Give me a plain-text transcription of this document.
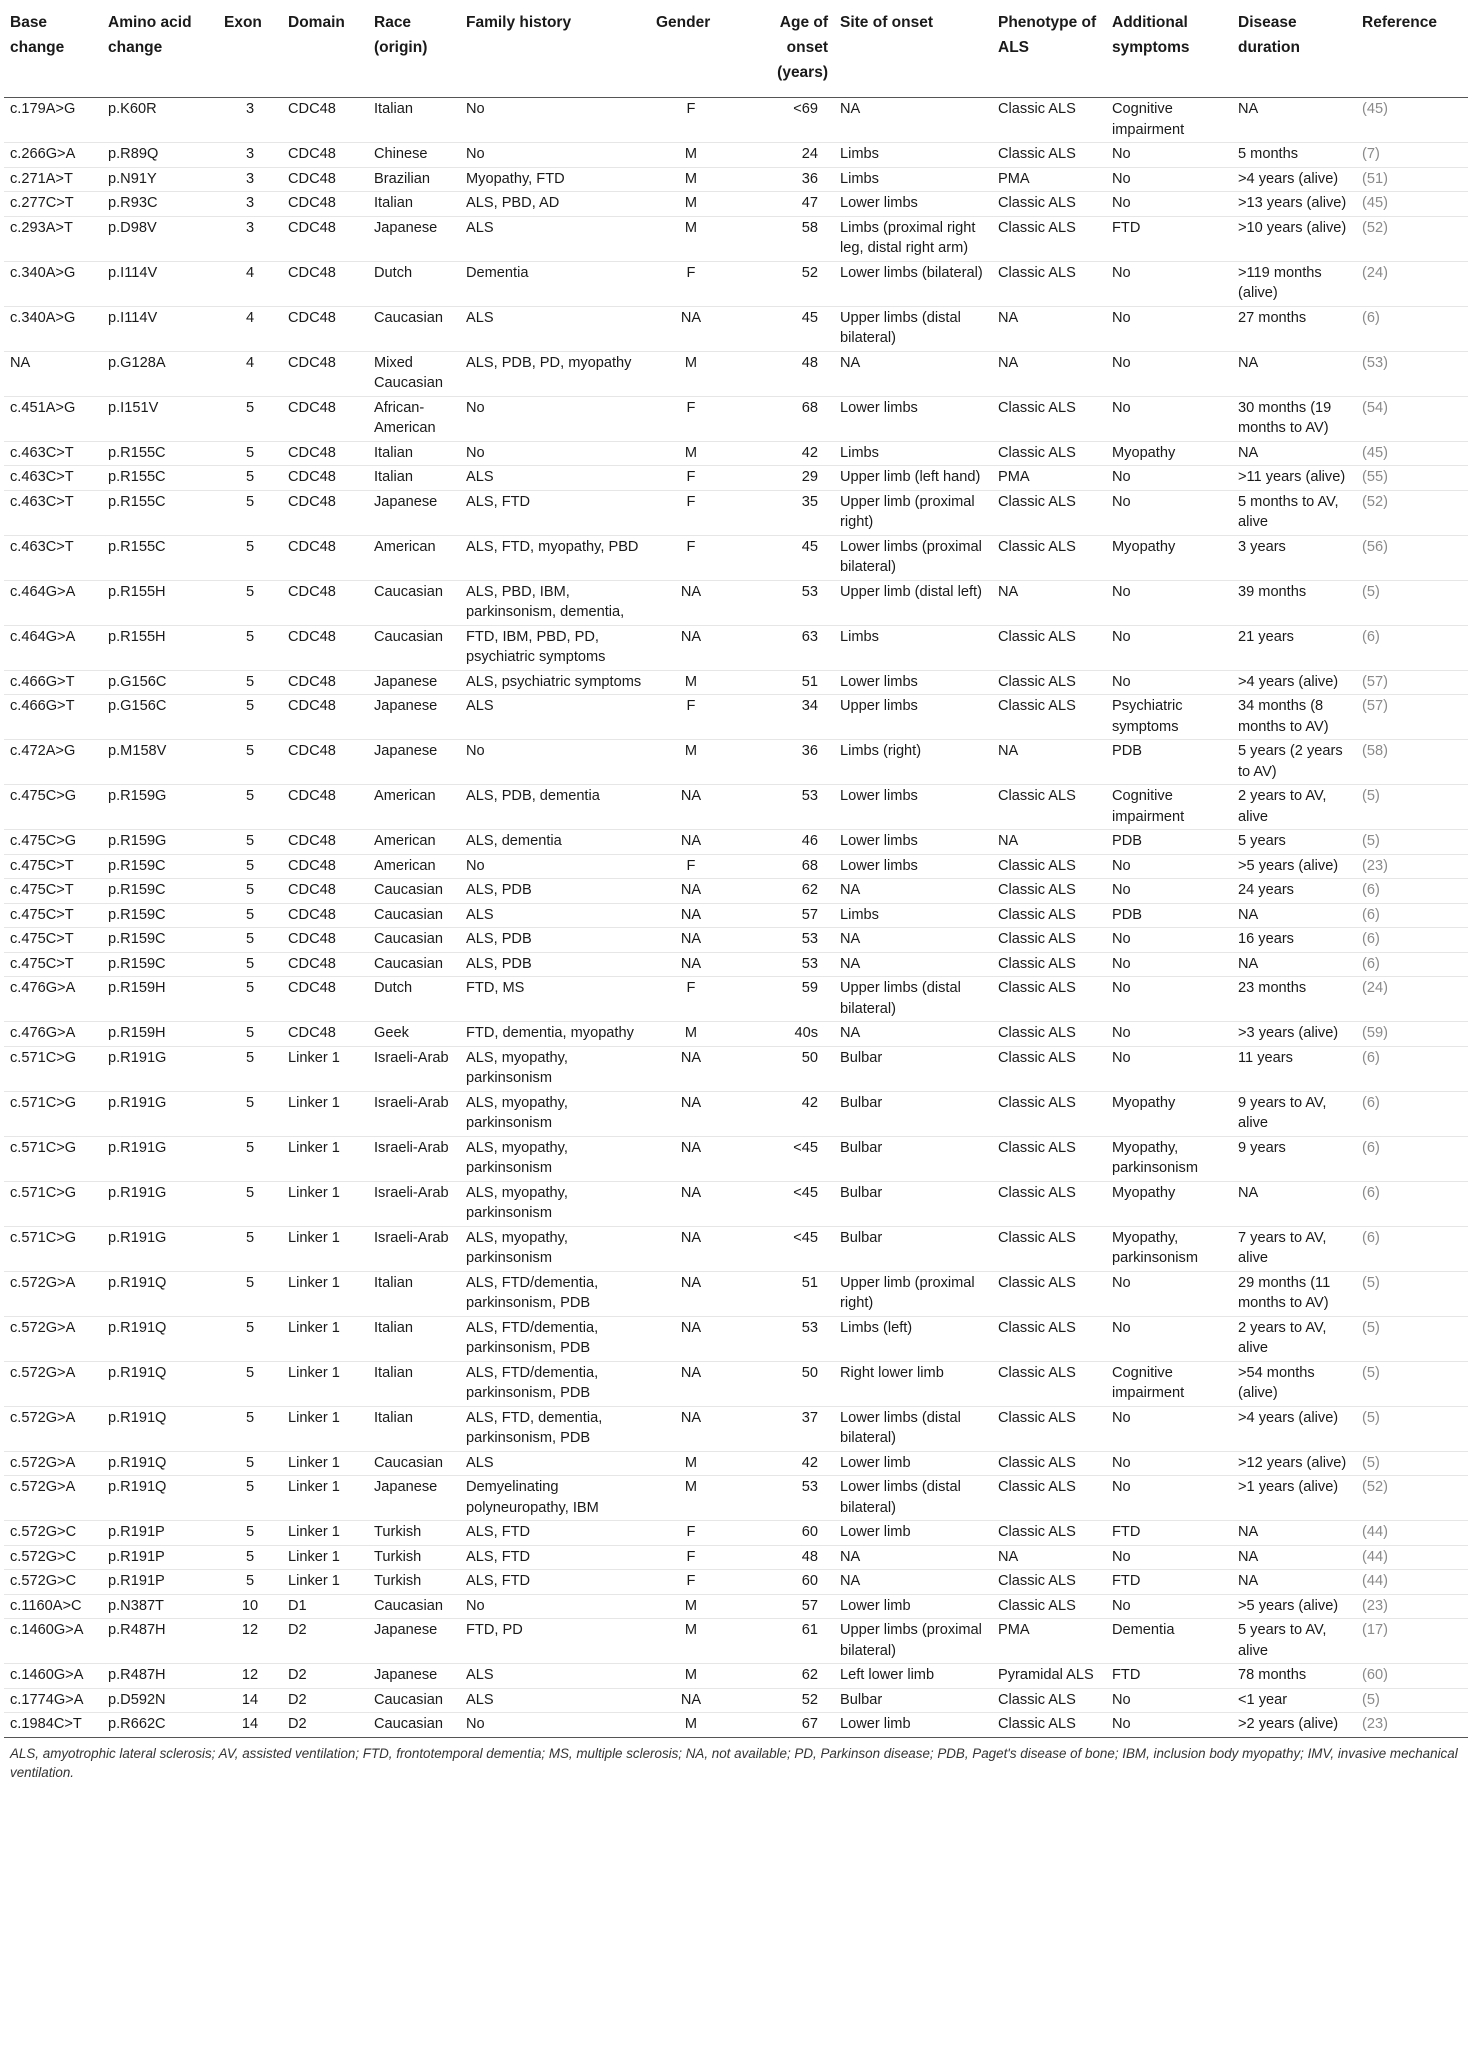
Base change	Amino acid change	Exon	Domain	Race (origin)	Family history	Gender	Age of onset (years)	Site of onset	Phenotype of ALS	Additional symptoms	Disease duration	Reference
c.179A>G	p.K60R	3	CDC48	Italian	No	F	<69	NA	Classic ALS	Cognitive impairment	NA	(45)
c.266G>A	p.R89Q	3	CDC48	Chinese	No	M	24	Limbs	Classic ALS	No	5 months	(7)
c.271A>T	p.N91Y	3	CDC48	Brazilian	Myopathy, FTD	M	36	Limbs	PMA	No	>4 years (alive)	(51)
c.277C>T	p.R93C	3	CDC48	Italian	ALS, PBD, AD	M	47	Lower limbs	Classic ALS	No	>13 years (alive)	(45)
c.293A>T	p.D98V	3	CDC48	Japanese	ALS	M	58	Limbs (proximal right leg, distal right arm)	Classic ALS	FTD	>10 years (alive)	(52)
c.340A>G	p.I114V	4	CDC48	Dutch	Dementia	F	52	Lower limbs (bilateral)	Classic ALS	No	>119 months (alive)	(24)
c.340A>G	p.I114V	4	CDC48	Caucasian	ALS	NA	45	Upper limbs (distal bilateral)	NA	No	27 months	(6)
NA	p.G128A	4	CDC48	Mixed Caucasian	ALS, PDB, PD, myopathy	M	48	NA	NA	No	NA	(53)
c.451A>G	p.I151V	5	CDC48	African-American	No	F	68	Lower limbs	Classic ALS	No	30 months (19 months to AV)	(54)
c.463C>T	p.R155C	5	CDC48	Italian	No	M	42	Limbs	Classic ALS	Myopathy	NA	(45)
c.463C>T	p.R155C	5	CDC48	Italian	ALS	F	29	Upper limb (left hand)	PMA	No	>11 years (alive)	(55)
c.463C>T	p.R155C	5	CDC48	Japanese	ALS, FTD	F	35	Upper limb (proximal right)	Classic ALS	No	5 months to AV, alive	(52)
c.463C>T	p.R155C	5	CDC48	American	ALS, FTD, myopathy, PBD	F	45	Lower limbs (proximal bilateral)	Classic ALS	Myopathy	3 years	(56)
c.464G>A	p.R155H	5	CDC48	Caucasian	ALS, PBD, IBM, parkinsonism, dementia,	NA	53	Upper limb (distal left)	NA	No	39 months	(5)
c.464G>A	p.R155H	5	CDC48	Caucasian	FTD, IBM, PBD, PD, psychiatric symptoms	NA	63	Limbs	Classic ALS	No	21 years	(6)
c.466G>T	p.G156C	5	CDC48	Japanese	ALS, psychiatric symptoms	M	51	Lower limbs	Classic ALS	No	>4 years (alive)	(57)
c.466G>T	p.G156C	5	CDC48	Japanese	ALS	F	34	Upper limbs	Classic ALS	Psychiatric symptoms	34 months (8 months to AV)	(57)
c.472A>G	p.M158V	5	CDC48	Japanese	No	M	36	Limbs (right)	NA	PDB	5 years (2 years to AV)	(58)
c.475C>G	p.R159G	5	CDC48	American	ALS, PDB, dementia	NA	53	Lower limbs	Classic ALS	Cognitive impairment	2 years to AV, alive	(5)
c.475C>G	p.R159G	5	CDC48	American	ALS, dementia	NA	46	Lower limbs	NA	PDB	5 years	(5)
c.475C>T	p.R159C	5	CDC48	American	No	F	68	Lower limbs	Classic ALS	No	>5 years (alive)	(23)
c.475C>T	p.R159C	5	CDC48	Caucasian	ALS, PDB	NA	62	NA	Classic ALS	No	24 years	(6)
c.475C>T	p.R159C	5	CDC48	Caucasian	ALS	NA	57	Limbs	Classic ALS	PDB	NA	(6)
c.475C>T	p.R159C	5	CDC48	Caucasian	ALS, PDB	NA	53	NA	Classic ALS	No	16 years	(6)
c.475C>T	p.R159C	5	CDC48	Caucasian	ALS, PDB	NA	53	NA	Classic ALS	No	NA	(6)
c.476G>A	p.R159H	5	CDC48	Dutch	FTD, MS	F	59	Upper limbs (distal bilateral)	Classic ALS	No	23 months	(24)
c.476G>A	p.R159H	5	CDC48	Geek	FTD, dementia, myopathy	M	40s	NA	Classic ALS	No	>3 years (alive)	(59)
c.571C>G	p.R191G	5	Linker 1	Israeli-Arab	ALS, myopathy, parkinsonism	NA	50	Bulbar	Classic ALS	No	11 years	(6)
c.571C>G	p.R191G	5	Linker 1	Israeli-Arab	ALS, myopathy, parkinsonism	NA	42	Bulbar	Classic ALS	Myopathy	9 years to AV, alive	(6)
c.571C>G	p.R191G	5	Linker 1	Israeli-Arab	ALS, myopathy, parkinsonism	NA	<45	Bulbar	Classic ALS	Myopathy, parkinsonism	9 years	(6)
c.571C>G	p.R191G	5	Linker 1	Israeli-Arab	ALS, myopathy, parkinsonism	NA	<45	Bulbar	Classic ALS	Myopathy	NA	(6)
c.571C>G	p.R191G	5	Linker 1	Israeli-Arab	ALS, myopathy, parkinsonism	NA	<45	Bulbar	Classic ALS	Myopathy, parkinsonism	7 years to AV, alive	(6)
c.572G>A	p.R191Q	5	Linker 1	Italian	ALS, FTD/dementia, parkinsonism, PDB	NA	51	Upper limb (proximal right)	Classic ALS	No	29 months (11 months to AV)	(5)
c.572G>A	p.R191Q	5	Linker 1	Italian	ALS, FTD/dementia, parkinsonism, PDB	NA	53	Limbs (left)	Classic ALS	No	2 years to AV, alive	(5)
c.572G>A	p.R191Q	5	Linker 1	Italian	ALS, FTD/dementia, parkinsonism, PDB	NA	50	Right lower limb	Classic ALS	Cognitive impairment	>54 months (alive)	(5)
c.572G>A	p.R191Q	5	Linker 1	Italian	ALS, FTD, dementia, parkinsonism, PDB	NA	37	Lower limbs (distal bilateral)	Classic ALS	No	>4 years (alive)	(5)
c.572G>A	p.R191Q	5	Linker 1	Caucasian	ALS	M	42	Lower limb	Classic ALS	No	>12 years (alive)	(5)
c.572G>A	p.R191Q	5	Linker 1	Japanese	Demyelinating polyneuropathy, IBM	M	53	Lower limbs (distal bilateral)	Classic ALS	No	>1 years (alive)	(52)
c.572G>C	p.R191P	5	Linker 1	Turkish	ALS, FTD	F	60	Lower limb	Classic ALS	FTD	NA	(44)
c.572G>C	p.R191P	5	Linker 1	Turkish	ALS, FTD	F	48	NA	NA	No	NA	(44)
c.572G>C	p.R191P	5	Linker 1	Turkish	ALS, FTD	F	60	NA	Classic ALS	FTD	NA	(44)
c.1160A>C	p.N387T	10	D1	Caucasian	No	M	57	Lower limb	Classic ALS	No	>5 years (alive)	(23)
c.1460G>A	p.R487H	12	D2	Japanese	FTD, PD	M	61	Upper limbs (proximal bilateral)	PMA	Dementia	5 years to AV, alive	(17)
c.1460G>A	p.R487H	12	D2	Japanese	ALS	M	62	Left lower limb	Pyramidal ALS	FTD	78 months	(60)
c.1774G>A	p.D592N	14	D2	Caucasian	ALS	NA	52	Bulbar	Classic ALS	No	<1 year	(5)
c.1984C>T	p.R662C	14	D2	Caucasian	No	M	67	Lower limb	Classic ALS	No	>2 years (alive)	(23)
ALS, amyotrophic lateral sclerosis; AV, assisted ventilation; FTD, frontotemporal dementia; MS, multiple sclerosis; NA, not available; PD, Parkinson disease; PDB, Paget's disease of bone; IBM, inclusion body myopathy; IMV, invasive mechanical ventilation.
